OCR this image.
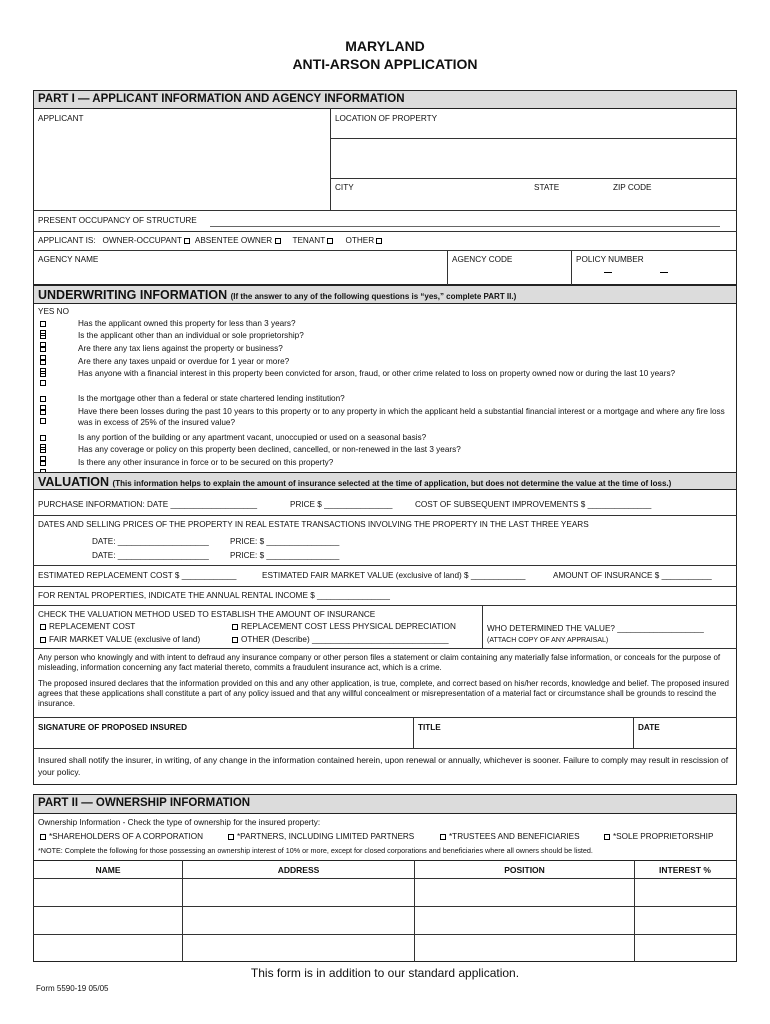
MARYLAND
ANTI-ARSON APPLICATION
PART I — APPLICANT INFORMATION AND AGENCY INFORMATION
APPLICANT	LOCATION OF PROPERTY
CITY	STATE	ZIP CODE
PRESENT OCCUPANCY OF STRUCTURE
APPLICANT IS: OWNER-OCCUPANT ABSENTEE OWNER TENANT OTHER
AGENCY NAME	AGENCY CODE	POLICY NUMBER
UNDERWRITING INFORMATION (If the answer to any of the following questions is “yes,” complete PART II.)
YES NO
Has the applicant owned this property for less than 3 years?
Is the applicant other than an individual or sole proprietorship?
Are there any tax liens against the property or business?
Are there any taxes unpaid or overdue for 1 year or more?
Has anyone with a financial interest in this property been convicted for arson, fraud, or other crime related to loss on property owned now or during the last 10 years?
Is the mortgage other than a federal or state chartered lending institution?
Have there been losses during the past 10 years to this property or to any property in which the applicant held a substantial financial interest or a mortgage and where any fire loss was in excess of 25% of the insured value?
Is any portion of the building or any apartment vacant, unoccupied or used on a seasonal basis?
Has any coverage or policy on this property been declined, cancelled, or non-renewed in the last 3 years?
Is there any other insurance in force or to be secured on this property?
VALUATION (This information helps to explain the amount of insurance selected at the time of application, but does not determine the value at the time of loss.)
PURCHASE INFORMATION: DATE ___________________	PRICE $ _______________	COST OF SUBSEQUENT IMPROVEMENTS $ ______________
DATES AND SELLING PRICES OF THE PROPERTY IN REAL ESTATE TRANSACTIONS INVOLVING THE PROPERTY IN THE LAST THREE YEARS
DATE: ____________________	PRICE: $ ________________
DATE: ____________________	PRICE: $ ________________
ESTIMATED REPLACEMENT COST $ ____________	ESTIMATED FAIR MARKET VALUE (exclusive of land) $ ____________	AMOUNT OF INSURANCE $ ___________
FOR RENTAL PROPERTIES, INDICATE THE ANNUAL RENTAL INCOME $ ________________
CHECK THE VALUATION METHOD USED TO ESTABLISH THE AMOUNT OF INSURANCE
REPLACEMENT COST	REPLACEMENT COST LESS PHYSICAL DEPRECIATION
FAIR MARKET VALUE (exclusive of land)	OTHER (Describe) ______________________________
WHO DETERMINED THE VALUE? ___________________
(ATTACH COPY OF ANY APPRAISAL)
Any person who knowingly and with intent to defraud any insurance company or other person files a statement or claim containing any materially false information, or conceals for the purpose of misleading, information concerning any fact material thereto, commits a fraudulent insurance act, which is a crime.
The proposed insured declares that the information provided on this and any other application, is true, complete, and correct based on his/her records, knowledge and belief. The proposed insured agrees that these applications shall constitute a part of any policy issued and that any willful concealment or misrepresentation of a material fact or circumstance shall be grounds to rescind the insurance.
SIGNATURE OF PROPOSED INSURED	TITLE	DATE
Insured shall notify the insurer, in writing, of any change in the information contained herein, upon renewal or annually, whichever is sooner. Failure to comply may result in rescission of your policy.
PART II — OWNERSHIP INFORMATION
Ownership Information - Check the type of ownership for the insured property:
*SHAREHOLDERS OF A CORPORATION	*PARTNERS, INCLUDING LIMITED PARTNERS	*TRUSTEES AND BENEFICIARIES	*SOLE PROPRIETORSHIP
*NOTE: Complete the following for those possessing an ownership interest of 10% or more, except for closed corporations and beneficiaries where all owners should be listed.
NAME	ADDRESS	POSITION	INTEREST %
This form is in addition to our standard application.
Form 5590-19 05/05
